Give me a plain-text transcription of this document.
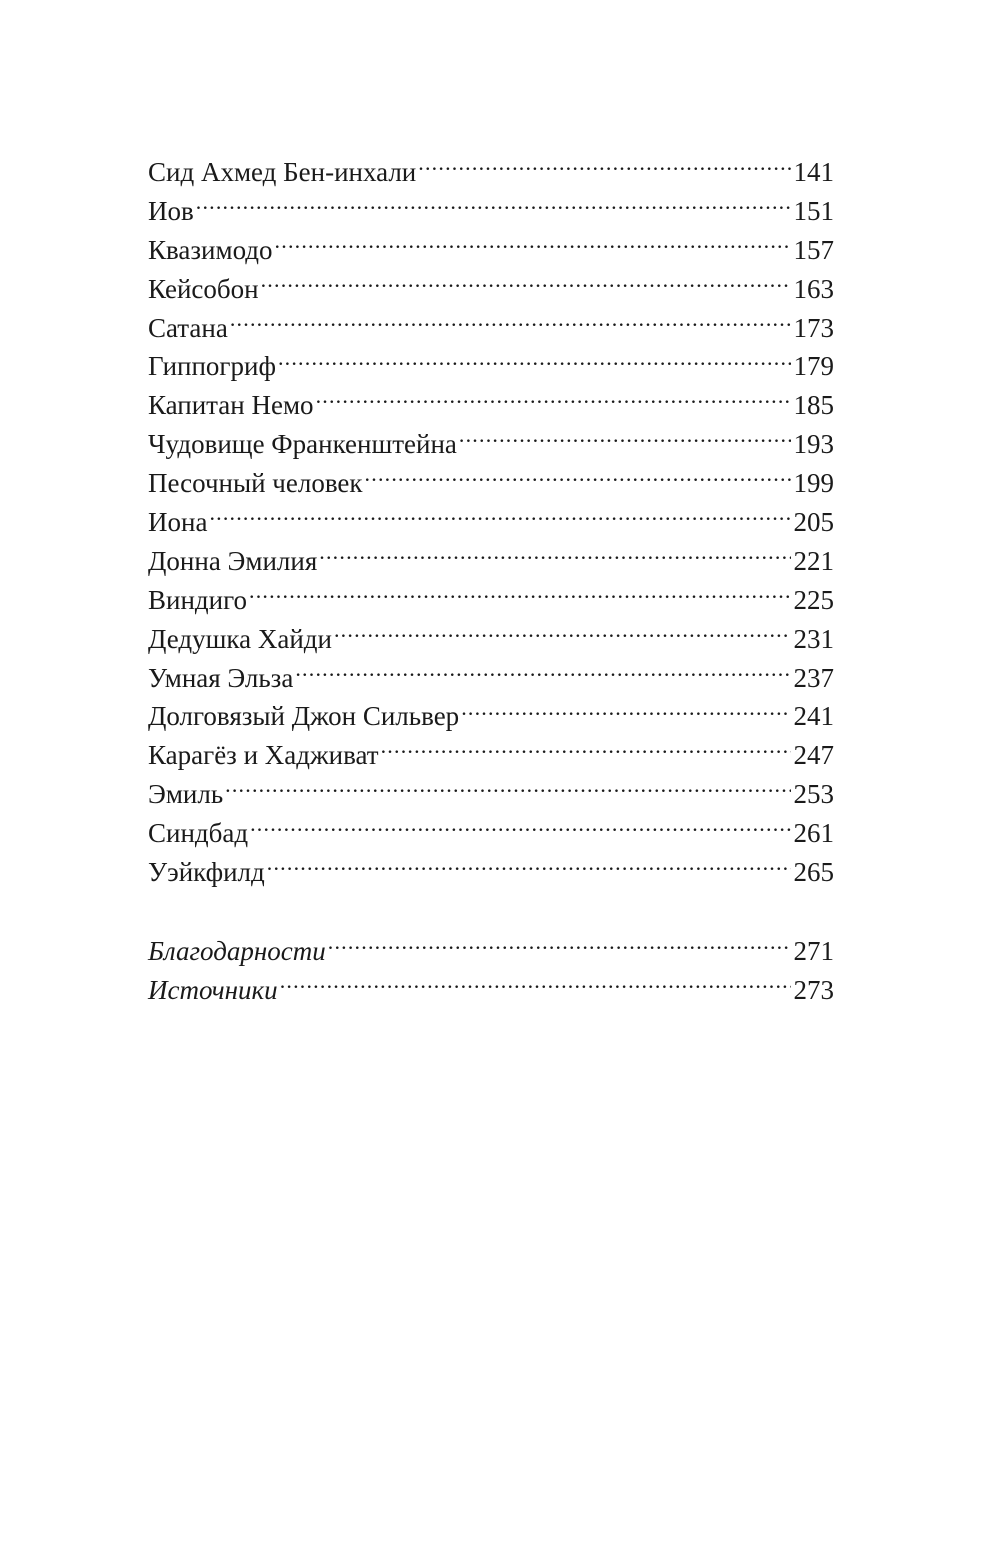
Сид Ахмед Бен-инхали .....	141
Иов .....	151
Квазимодо .....	157
Кейсобон .....	163
Сатана .....	173
Гиппогриф .....	179
Капитан Немо .....	185
Чудовище Франкенштейна .....	193
Песочный человек .....	199
Иона .....	205
Донна Эмилия .....	221
Виндиго .....	225
Дедушка Хайди .....	231
Умная Эльза .....	237
Долговязый Джон Сильвер .....	241
Карагёз и Хадживат .....	247
Эмиль .....	253
Синдбад .....	261
Уэйкфилд .....	265
Благодарности .....	271
Источники .....	273
